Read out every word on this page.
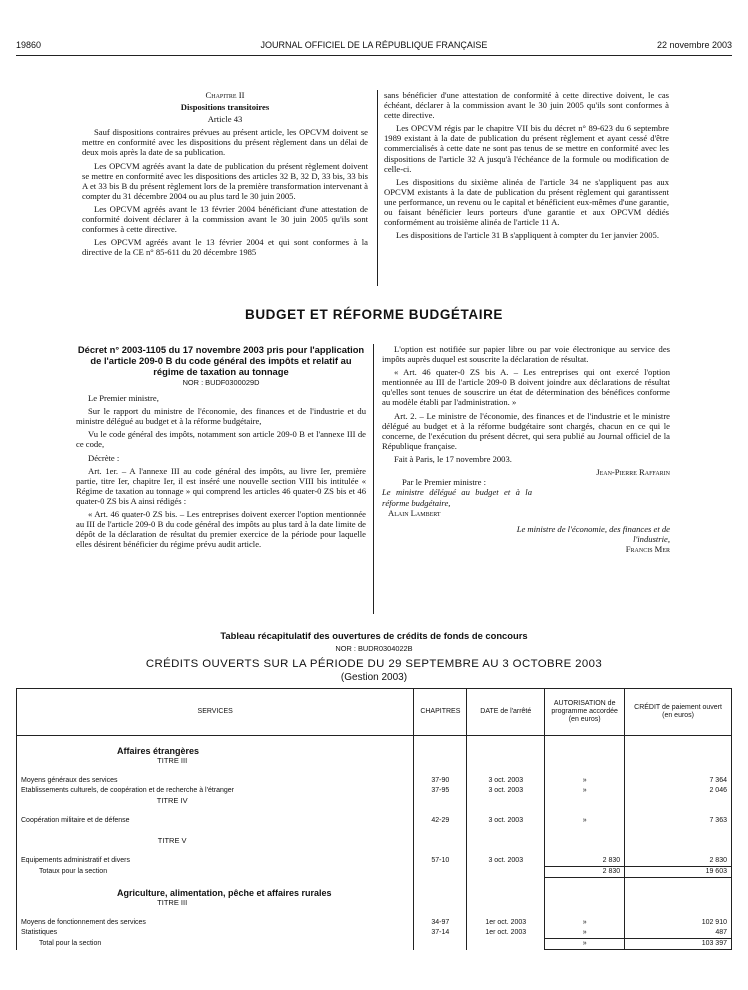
19860	JOURNAL OFFICIEL DE LA RÉPUBLIQUE FRANÇAISE	22 novembre 2003
Chapitre II
Dispositions transitoires
Article 43

Sauf dispositions contraires prévues au présent article, les OPCVM doivent se mettre en conformité avec les dispositions du présent règlement dans un délai de deux mois après la date de sa publication.

Les OPCVM agréés avant la date de publication du présent règlement doivent se mettre en conformité avec les dispositions des articles 32 B, 32 D, 33 bis, 33 bis A et 33 bis B du présent règlement lors de la première transformation intervenant à compter du 31 décembre 2004 ou au plus tard le 30 juin 2005.

Les OPCVM agréés avant le 13 février 2004 bénéficiant d'une attestation de conformité doivent déclarer à la commission avant le 30 juin 2005 qu'ils sont conformes à cette directive.

Les OPCVM agréés avant le 13 février 2004 et qui sont conformes à la directive de la CE n° 85-611 du 20 décembre 1985

sans bénéficier d'une attestation de conformité à cette directive doivent, le cas échéant, déclarer à la commission avant le 30 juin 2005 qu'ils sont conformes à cette directive.

Les OPCVM régis par le chapitre VII bis du décret n° 89-623 du 6 septembre 1989 existant à la date de publication du présent règlement et ayant cessé d'être commercialisés à cette date ne sont pas tenus de se mettre en conformité avec les dispositions de l'article 32 A jusqu'à l'échéance de la formule ou modification de celle-ci.

Les dispositions du sixième alinéa de l'article 34 ne s'appliquent pas aux OPCVM existants à la date de publication du présent règlement qui garantissent une performance, un revenu ou le capital et bénéficient eux-mêmes d'une garantie, ou faisant bénéficier leurs porteurs d'une garantie et aux OPCVM dédiés conformément au troisième alinéa de l'article 11 A.

Les dispositions de l'article 31 B s'appliquent à compter du 1er janvier 2005.

BUDGET ET RÉFORME BUDGÉTAIRE
Décret n° 2003-1105 du 17 novembre 2003 pris pour l'application de l'article 209-0 B du code général des impôts et relatif au régime de taxation au tonnage
NOR : BUDF0300029D

Le Premier ministre,

Sur le rapport du ministre de l'économie, des finances et de l'industrie et du ministre délégué au budget et à la réforme budgétaire,

Vu le code général des impôts, notamment son article 209-0 B et l'annexe III de ce code,

Décrète :

Art. 1er. – A l'annexe III au code général des impôts, au livre Ier, première partie, titre Ier, chapitre Ier, il est inséré une nouvelle section VIII bis intitulée « Régime de taxation au tonnage » qui comprend les articles 46 quater-0 ZS bis et 46 quater-0 ZS bis A ainsi rédigés :

« Art. 46 quater-0 ZS bis. – Les entreprises doivent exercer l'option mentionnée au III de l'article 209-0 B du code général des impôts au plus tard à la date limite de dépôt de la déclaration de résultat du premier exercice de la période pour laquelle elles désirent bénéficier du régime prévu audit article.

L'option est notifiée sur papier libre ou par voie électronique au service des impôts auprès duquel est souscrite la déclaration de résultat.

« Art. 46 quater-0 ZS bis A. – Les entreprises qui ont exercé l'option mentionnée au III de l'article 209-0 B doivent joindre aux déclarations de résultat qu'elles sont tenues de souscrire un état de détermination des bénéfices conforme au modèle établi par l'administration. »

Art. 2. – Le ministre de l'économie, des finances et de l'industrie et le ministre délégué au budget et à la réforme budgétaire sont chargés, chacun en ce qui le concerne, de l'exécution du présent décret, qui sera publié au Journal officiel de la République française.

Fait à Paris, le 17 novembre 2003.

Jean-Pierre Raffarin
Par le Premier ministre :
Le ministre délégué au budget et à la réforme budgétaire,
Alain Lambert
Le ministre de l'économie, des finances et de l'industrie,
Francis Mer
Tableau récapitulatif des ouvertures de crédits de fonds de concours
NOR : BUDR0304022B
CRÉDITS OUVERTS SUR LA PÉRIODE DU 29 SEPTEMBRE AU 3 OCTOBRE 2003
(Gestion 2003)
SERVICES	CHAPITRES	DATE de l'arrêté	AUTORISATION de programme accordée (en euros)	CRÉDIT de paiement ouvert (en euros)

Affaires étrangères				
TITRE III				

Moyens généraux des services	37-90	3 oct. 2003	»	7 364
Etablissements culturels, de coopération et de recherche à l'étranger	37-95	3 oct. 2003	»	2 046
TITRE IV				

Coopération militaire et de défense	42-29	3 oct. 2003	»	7 363

TITRE V				

Equipements administratif et divers	57-10	3 oct. 2003	2 830	2 830
Totaux pour la section			2 830	19 603

Agriculture, alimentation, pêche et affaires rurales				
TITRE III				

Moyens de fonctionnement des services	34-97	1er oct. 2003	»	102 910
Statistiques	37-14	1er oct. 2003	»	487
Total pour la section			»	103 397
